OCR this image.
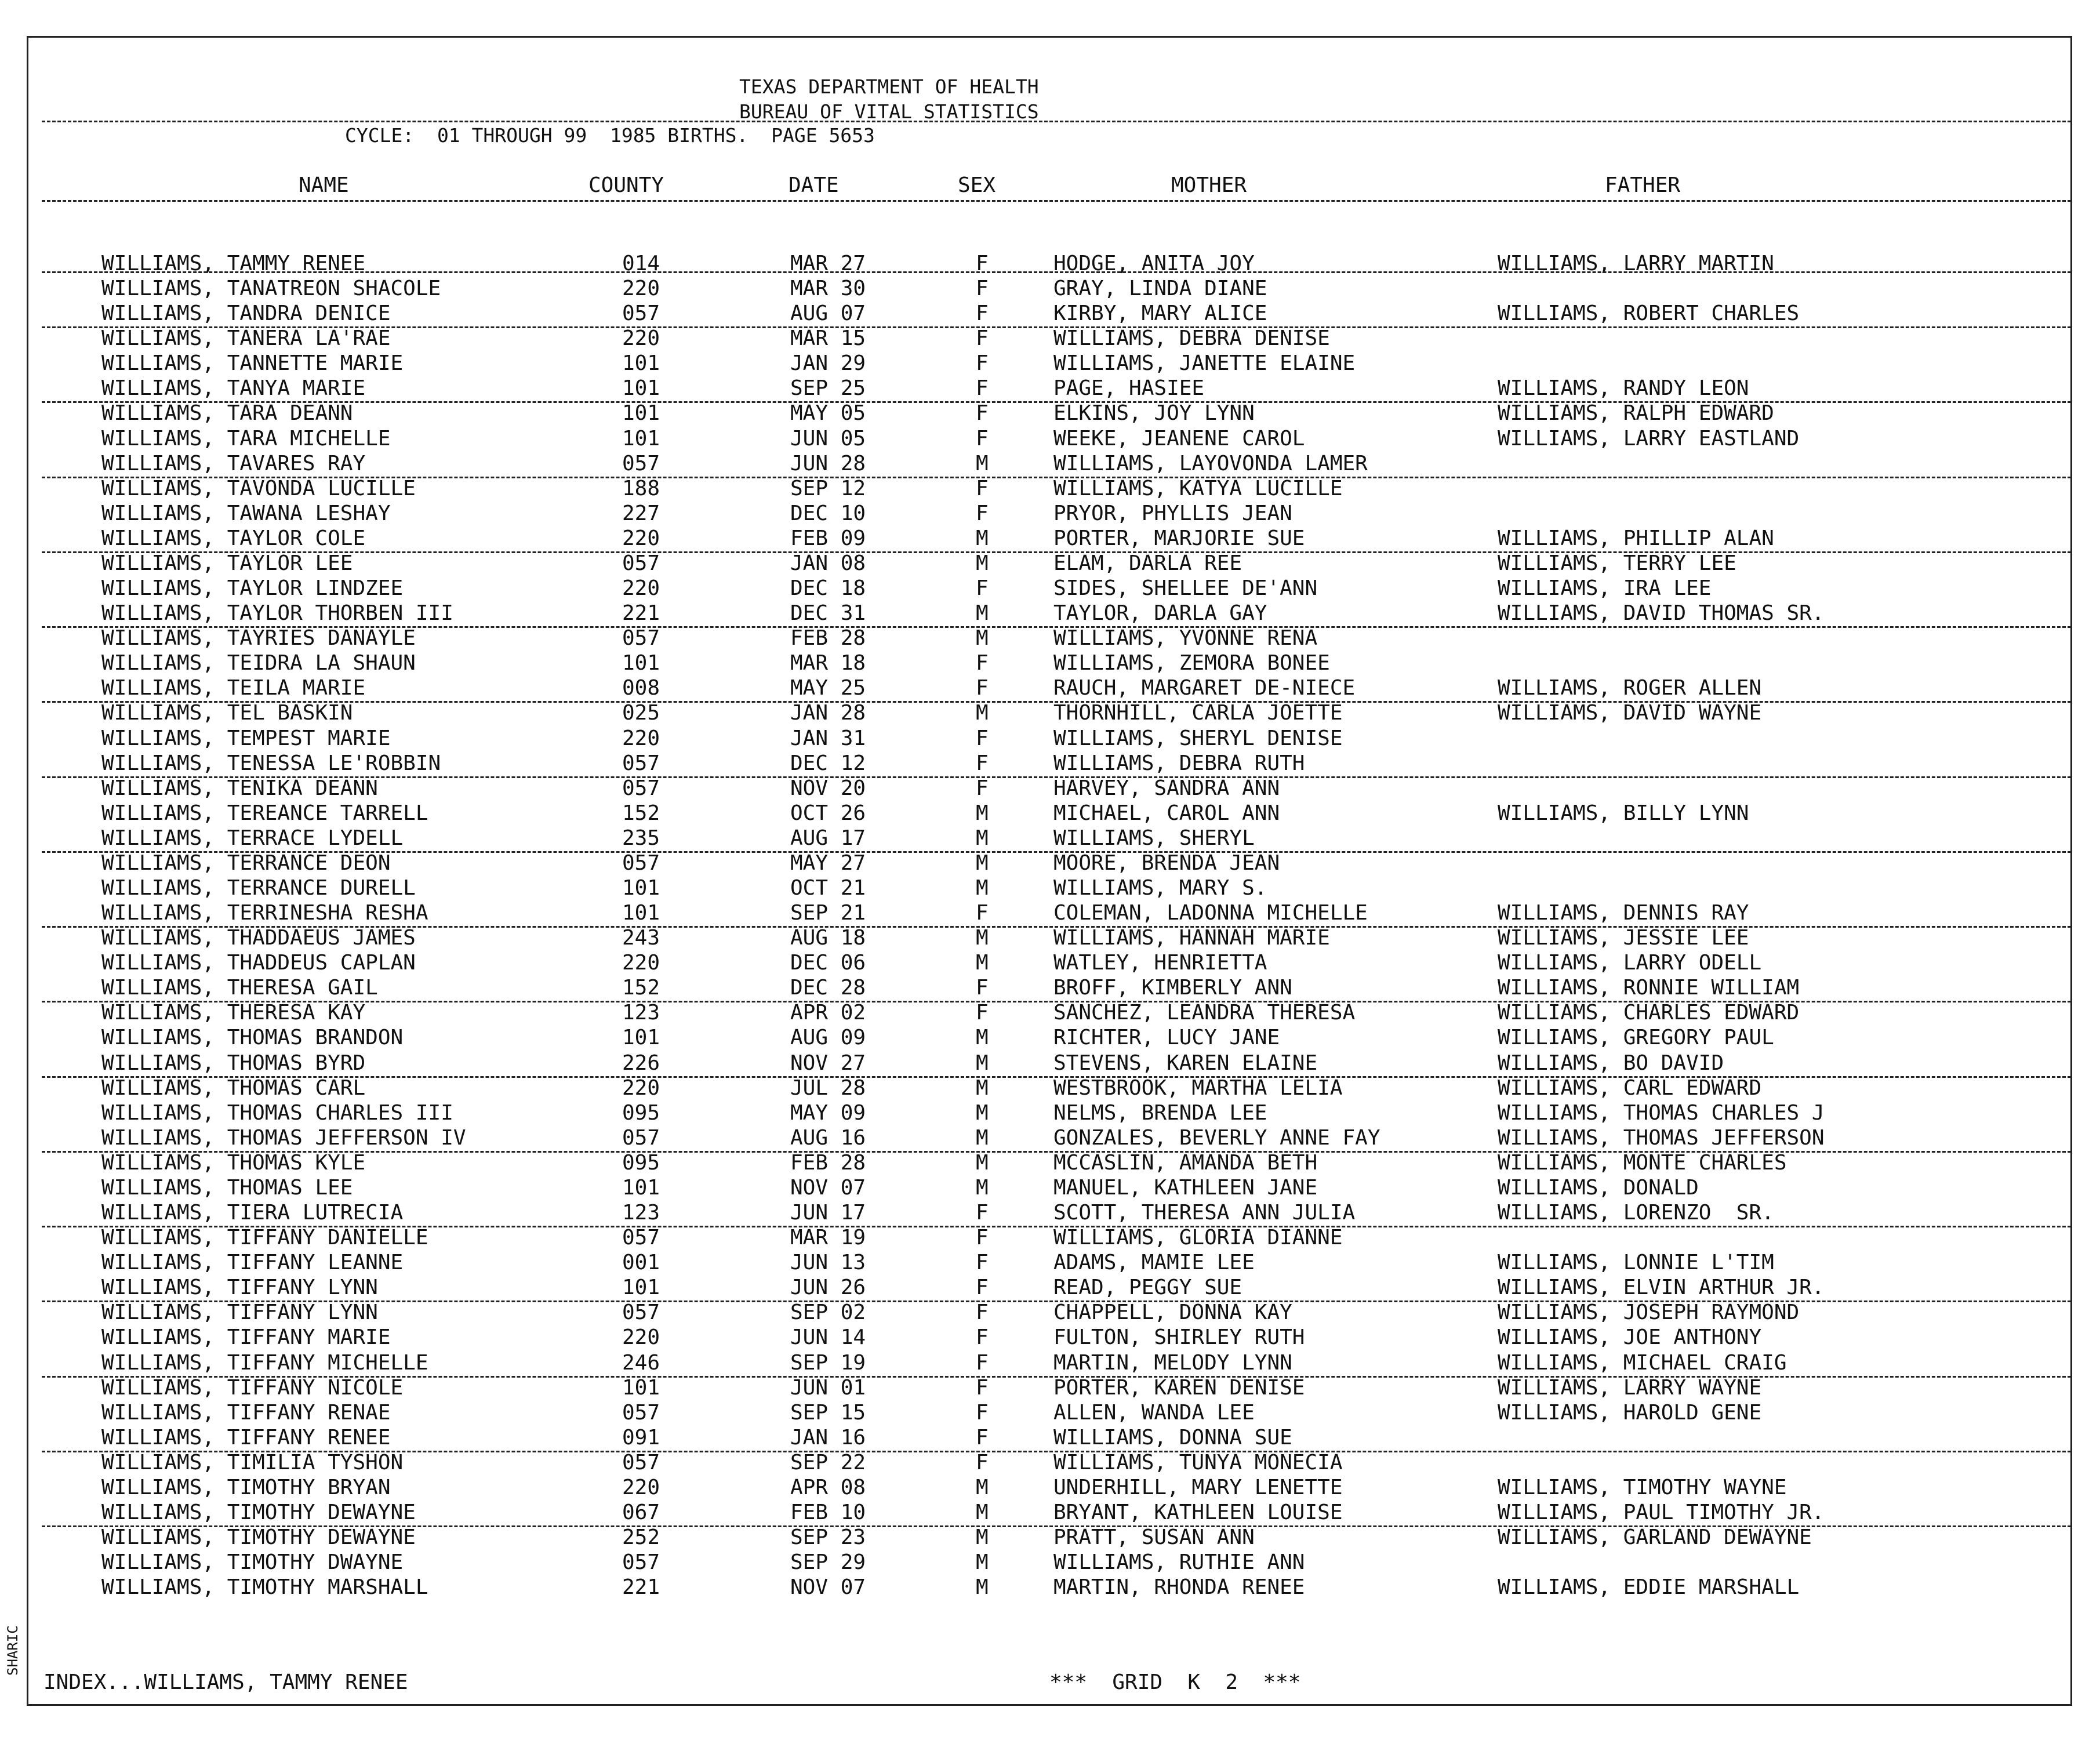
TEXAS DEPARTMENT OF HEALTH
BUREAU OF VITAL STATISTICS
CYCLE:  01 THROUGH 99  1985 BIRTHS.  PAGE 5653
NAME	COUNTY	DATE	SEX	MOTHER	FATHER
WILLIAMS, TAMMY RENEE	014	MAR 27	F	HODGE, ANITA JOY	WILLIAMS, LARRY MARTIN
WILLIAMS, TANATREON SHACOLE	220	MAR 30	F	GRAY, LINDA DIANE
WILLIAMS, TANDRA DENICE	057	AUG 07	F	KIRBY, MARY ALICE	WILLIAMS, ROBERT CHARLES
WILLIAMS, TANERA LA'RAE	220	MAR 15	F	WILLIAMS, DEBRA DENISE
WILLIAMS, TANNETTE MARIE	101	JAN 29	F	WILLIAMS, JANETTE ELAINE
WILLIAMS, TANYA MARIE	101	SEP 25	F	PAGE, HASIEE	WILLIAMS, RANDY LEON
WILLIAMS, TARA DEANN	101	MAY 05	F	ELKINS, JOY LYNN	WILLIAMS, RALPH EDWARD
WILLIAMS, TARA MICHELLE	101	JUN 05	F	WEEKE, JEANENE CAROL	WILLIAMS, LARRY EASTLAND
WILLIAMS, TAVARES RAY	057	JUN 28	M	WILLIAMS, LAYOVONDA LAMER
WILLIAMS, TAVONDA LUCILLE	188	SEP 12	F	WILLIAMS, KATYA LUCILLE
WILLIAMS, TAWANA LESHAY	227	DEC 10	F	PRYOR, PHYLLIS JEAN
WILLIAMS, TAYLOR COLE	220	FEB 09	M	PORTER, MARJORIE SUE	WILLIAMS, PHILLIP ALAN
WILLIAMS, TAYLOR LEE	057	JAN 08	M	ELAM, DARLA REE	WILLIAMS, TERRY LEE
WILLIAMS, TAYLOR LINDZEE	220	DEC 18	F	SIDES, SHELLEE DE'ANN	WILLIAMS, IRA LEE
WILLIAMS, TAYLOR THORBEN III	221	DEC 31	M	TAYLOR, DARLA GAY	WILLIAMS, DAVID THOMAS SR.
WILLIAMS, TAYRIES DANAYLE	057	FEB 28	M	WILLIAMS, YVONNE RENA
WILLIAMS, TEIDRA LA SHAUN	101	MAR 18	F	WILLIAMS, ZEMORA BONEE
WILLIAMS, TEILA MARIE	008	MAY 25	F	RAUCH, MARGARET DE-NIECE	WILLIAMS, ROGER ALLEN
WILLIAMS, TEL BASKIN	025	JAN 28	M	THORNHILL, CARLA JOETTE	WILLIAMS, DAVID WAYNE
WILLIAMS, TEMPEST MARIE	220	JAN 31	F	WILLIAMS, SHERYL DENISE
WILLIAMS, TENESSA LE'ROBBIN	057	DEC 12	F	WILLIAMS, DEBRA RUTH
WILLIAMS, TENIKA DEANN	057	NOV 20	F	HARVEY, SANDRA ANN
WILLIAMS, TEREANCE TARRELL	152	OCT 26	M	MICHAEL, CAROL ANN	WILLIAMS, BILLY LYNN
WILLIAMS, TERRACE LYDELL	235	AUG 17	M	WILLIAMS, SHERYL
WILLIAMS, TERRANCE DEON	057	MAY 27	M	MOORE, BRENDA JEAN
WILLIAMS, TERRANCE DURELL	101	OCT 21	M	WILLIAMS, MARY S.
WILLIAMS, TERRINESHA RESHA	101	SEP 21	F	COLEMAN, LADONNA MICHELLE	WILLIAMS, DENNIS RAY
WILLIAMS, THADDAEUS JAMES	243	AUG 18	M	WILLIAMS, HANNAH MARIE	WILLIAMS, JESSIE LEE
WILLIAMS, THADDEUS CAPLAN	220	DEC 06	M	WATLEY, HENRIETTA	WILLIAMS, LARRY ODELL
WILLIAMS, THERESA GAIL	152	DEC 28	F	BROFF, KIMBERLY ANN	WILLIAMS, RONNIE WILLIAM
WILLIAMS, THERESA KAY	123	APR 02	F	SANCHEZ, LEANDRA THERESA	WILLIAMS, CHARLES EDWARD
WILLIAMS, THOMAS BRANDON	101	AUG 09	M	RICHTER, LUCY JANE	WILLIAMS, GREGORY PAUL
WILLIAMS, THOMAS BYRD	226	NOV 27	M	STEVENS, KAREN ELAINE	WILLIAMS, BO DAVID
WILLIAMS, THOMAS CARL	220	JUL 28	M	WESTBROOK, MARTHA LELIA	WILLIAMS, CARL EDWARD
WILLIAMS, THOMAS CHARLES III	095	MAY 09	M	NELMS, BRENDA LEE	WILLIAMS, THOMAS CHARLES J
WILLIAMS, THOMAS JEFFERSON IV	057	AUG 16	M	GONZALES, BEVERLY ANNE FAY	WILLIAMS, THOMAS JEFFERSON
WILLIAMS, THOMAS KYLE	095	FEB 28	M	MCCASLIN, AMANDA BETH	WILLIAMS, MONTE CHARLES
WILLIAMS, THOMAS LEE	101	NOV 07	M	MANUEL, KATHLEEN JANE	WILLIAMS, DONALD
WILLIAMS, TIERA LUTRECIA	123	JUN 17	F	SCOTT, THERESA ANN JULIA	WILLIAMS, LORENZO  SR.
WILLIAMS, TIFFANY DANIELLE	057	MAR 19	F	WILLIAMS, GLORIA DIANNE
WILLIAMS, TIFFANY LEANNE	001	JUN 13	F	ADAMS, MAMIE LEE	WILLIAMS, LONNIE L'TIM
WILLIAMS, TIFFANY LYNN	101	JUN 26	F	READ, PEGGY SUE	WILLIAMS, ELVIN ARTHUR JR.
WILLIAMS, TIFFANY LYNN	057	SEP 02	F	CHAPPELL, DONNA KAY	WILLIAMS, JOSEPH RAYMOND
WILLIAMS, TIFFANY MARIE	220	JUN 14	F	FULTON, SHIRLEY RUTH	WILLIAMS, JOE ANTHONY
WILLIAMS, TIFFANY MICHELLE	246	SEP 19	F	MARTIN, MELODY LYNN	WILLIAMS, MICHAEL CRAIG
WILLIAMS, TIFFANY NICOLE	101	JUN 01	F	PORTER, KAREN DENISE	WILLIAMS, LARRY WAYNE
WILLIAMS, TIFFANY RENAE	057	SEP 15	F	ALLEN, WANDA LEE	WILLIAMS, HAROLD GENE
WILLIAMS, TIFFANY RENEE	091	JAN 16	F	WILLIAMS, DONNA SUE
WILLIAMS, TIMILIA TYSHON	057	SEP 22	F	WILLIAMS, TUNYA MONECIA
WILLIAMS, TIMOTHY BRYAN	220	APR 08	M	UNDERHILL, MARY LENETTE	WILLIAMS, TIMOTHY WAYNE
WILLIAMS, TIMOTHY DEWAYNE	067	FEB 10	M	BRYANT, KATHLEEN LOUISE	WILLIAMS, PAUL TIMOTHY JR.
WILLIAMS, TIMOTHY DEWAYNE	252	SEP 23	M	PRATT, SUSAN ANN	WILLIAMS, GARLAND DEWAYNE
WILLIAMS, TIMOTHY DWAYNE	057	SEP 29	M	WILLIAMS, RUTHIE ANN
WILLIAMS, TIMOTHY MARSHALL	221	NOV 07	M	MARTIN, RHONDA RENEE	WILLIAMS, EDDIE MARSHALL
INDEX...WILLIAMS, TAMMY RENEE	***  GRID  K  2  ***
SHARIC
